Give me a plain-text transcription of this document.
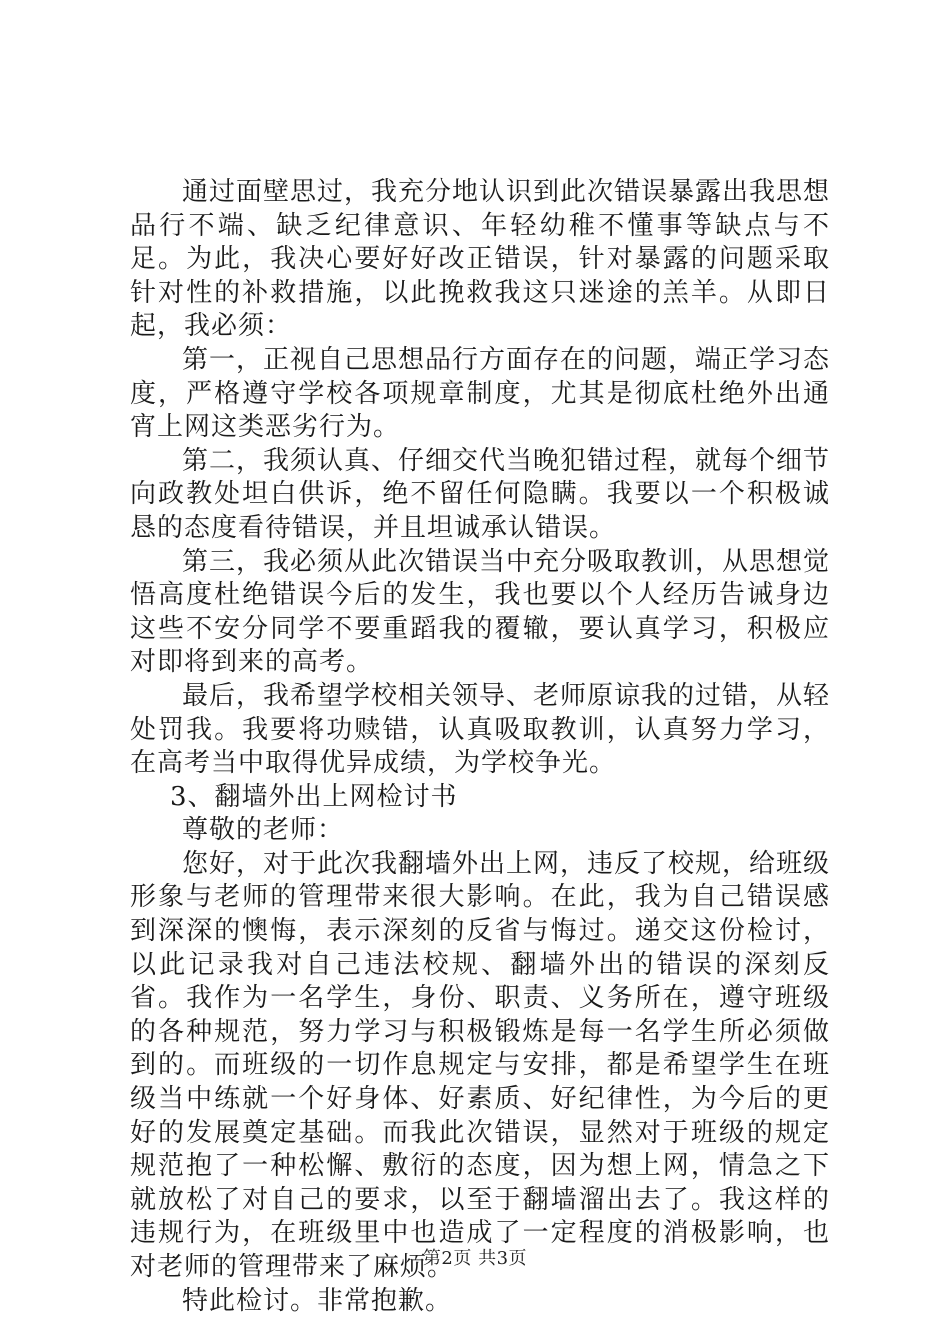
通过面壁思过，我充分地认识到此次错误暴露出我思想品行不端、缺乏纪律意识、年轻幼稚不懂事等缺点与不足。为此，我决心要好好改正错误，针对暴露的问题采取针对性的补救措施，以此挽救我这只迷途的羔羊。从即日起，我必须：

第一，正视自己思想品行方面存在的问题，端正学习态度，严格遵守学校各项规章制度，尤其是彻底杜绝外出通宵上网这类恶劣行为。

第二，我须认真、仔细交代当晚犯错过程，就每个细节向政教处坦白供诉，绝不留任何隐瞒。我要以一个积极诚恳的态度看待错误，并且坦诚承认错误。

第三，我必须从此次错误当中充分吸取教训，从思想觉悟高度杜绝错误今后的发生，我也要以个人经历告诫身边这些不安分同学不要重蹈我的覆辙，要认真学习，积极应对即将到来的高考。

最后，我希望学校相关领导、老师原谅我的过错，从轻处罚我。我要将功赎错，认真吸取教训，认真努力学习，在高考当中取得优异成绩，为学校争光。

3、翻墙外出上网检讨书

尊敬的老师：

您好，对于此次我翻墙外出上网，违反了校规，给班级形象与老师的管理带来很大影响。在此，我为自己错误感到深深的懊悔，表示深刻的反省与悔过。递交这份检讨，以此记录我对自己违法校规、翻墙外出的错误的深刻反省。我作为一名学生，身份、职责、义务所在，遵守班级的各种规范，努力学习与积极锻炼是每一名学生所必须做到的。而班级的一切作息规定与安排，都是希望学生在班级当中练就一个好身体、好素质、好纪律性，为今后的更好的发展奠定基础。而我此次错误，显然对于班级的规定规范抱了一种松懈、敷衍的态度，因为想上网，情急之下就放松了对自己的要求，以至于翻墙溜出去了。我这样的违规行为，在班级里中也造成了一定程度的消极影响，也对老师的管理带来了麻烦。

特此检讨。非常抱歉。

第2页 共3页
